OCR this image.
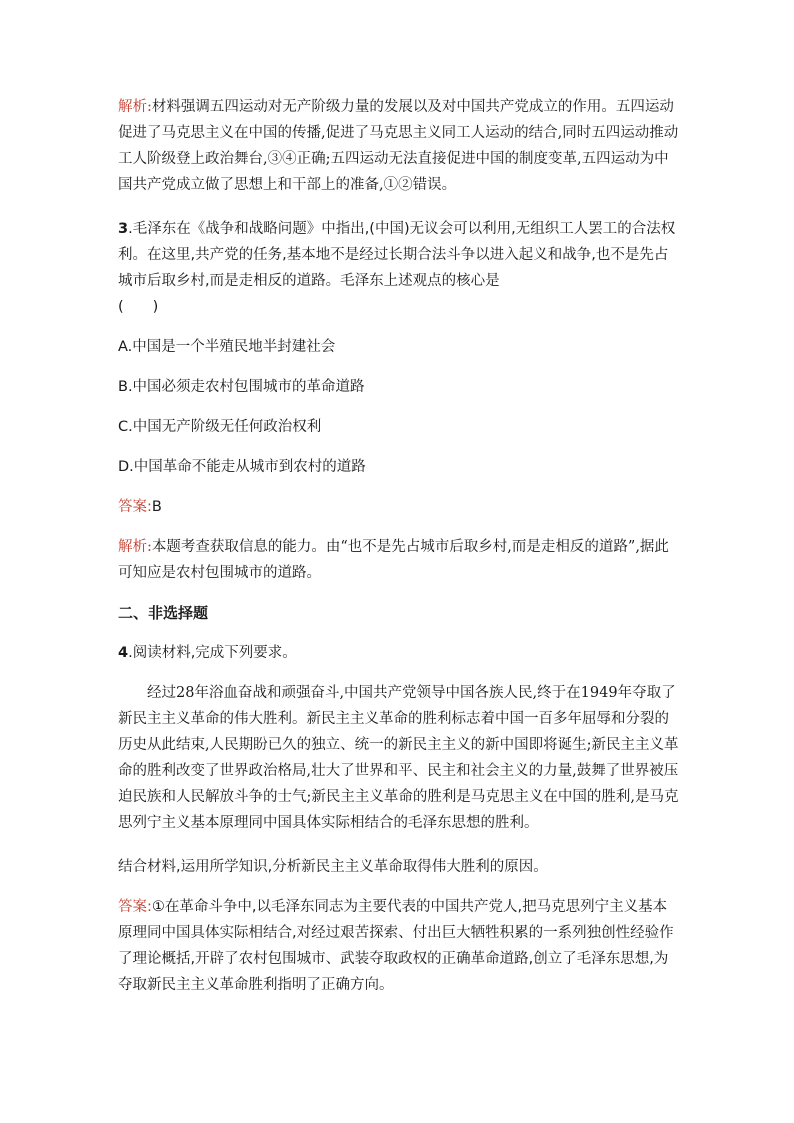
解析:材料强调五四运动对无产阶级力量的发展以及对中国共产党成立的作用。五四运动促进了马克思主义在中国的传播,促进了马克思主义同工人运动的结合,同时五四运动推动工人阶级登上政治舞台,③④正确;五四运动无法直接促进中国的制度变革,五四运动为中国共产党成立做了思想上和干部上的准备,①②错误。

3.毛泽东在《战争和战略问题》中指出,(中国)无议会可以利用,无组织工人罢工的合法权利。在这里,共产党的任务,基本地不是经过长期合法斗争以进入起义和战争,也不是先占城市后取乡村,而是走相反的道路。毛泽东上述观点的核心是
(　　)

A.中国是一个半殖民地半封建社会

B.中国必须走农村包围城市的革命道路

C.中国无产阶级无任何政治权利

D.中国革命不能走从城市到农村的道路

答案:B

解析:本题考查获取信息的能力。由“也不是先占城市后取乡村,而是走相反的道路”,据此可知应是农村包围城市的道路。

二、非选择题

4.阅读材料,完成下列要求。

经过28年浴血奋战和顽强奋斗,中国共产党领导中国各族人民,终于在1949年夺取了新民主主义革命的伟大胜利。新民主主义革命的胜利标志着中国一百多年屈辱和分裂的历史从此结束,人民期盼已久的独立、统一的新民主主义的新中国即将诞生;新民主主义革命的胜利改变了世界政治格局,壮大了世界和平、民主和社会主义的力量,鼓舞了世界被压迫民族和人民解放斗争的士气;新民主主义革命的胜利是马克思主义在中国的胜利,是马克思列宁主义基本原理同中国具体实际相结合的毛泽东思想的胜利。

结合材料,运用所学知识,分析新民主主义革命取得伟大胜利的原因。

答案:①在革命斗争中,以毛泽东同志为主要代表的中国共产党人,把马克思列宁主义基本原理同中国具体实际相结合,对经过艰苦探索、付出巨大牺牲积累的一系列独创性经验作了理论概括,开辟了农村包围城市、武装夺取政权的正确革命道路,创立了毛泽东思想,为夺取新民主主义革命胜利指明了正确方向。
